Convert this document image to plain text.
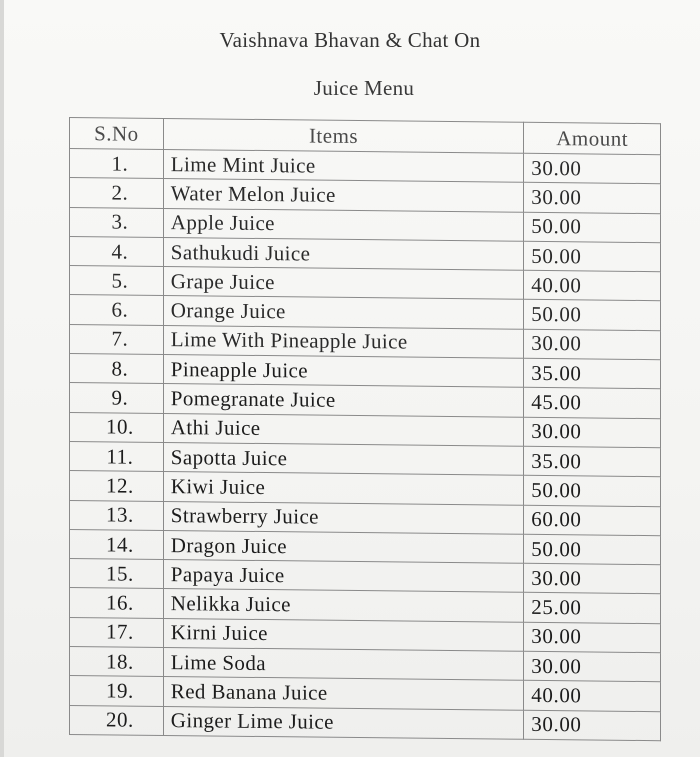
Vaishnava Bhavan & Chat On
Juice Menu
S.No	Items	Amount
1.	Lime Mint Juice	30.00
2.	Water Melon Juice	30.00
3.	Apple Juice	50.00
4.	Sathukudi Juice	50.00
5.	Grape Juice	40.00
6.	Orange Juice	50.00
7.	Lime With Pineapple Juice	30.00
8.	Pineapple Juice	35.00
9.	Pomegranate Juice	45.00
10.	Athi Juice	30.00
11.	Sapotta Juice	35.00
12.	Kiwi Juice	50.00
13.	Strawberry Juice	60.00
14.	Dragon Juice	50.00
15.	Papaya Juice	30.00
16.	Nelikka Juice	25.00
17.	Kirni Juice	30.00
18.	Lime Soda	30.00
19.	Red Banana Juice	40.00
20.	Ginger Lime Juice	30.00
